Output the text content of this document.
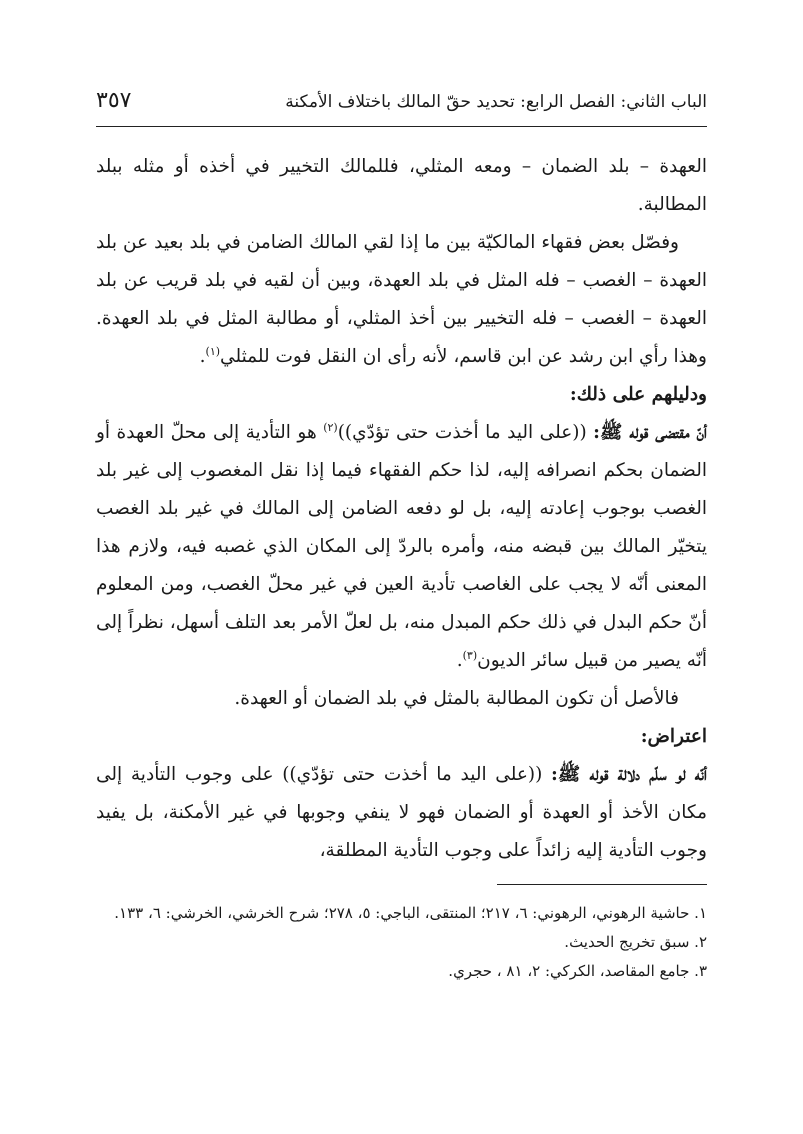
الباب الثاني: الفصل الرابع: تحديد حقّ المالك باختلاف الأمكنة
٣٥٧

العهدة – بلد الضمان – ومعه المثلي، فللمالك التخيير في أخذه أو مثله ببلد المطالبة.

وفصّل بعض فقهاء المالكيّة بين ما إذا لقي المالك الضامن في بلد بعيد عن بلد العهدة – الغصب – فله المثل في بلد العهدة، وبين أن لقيه في بلد قريب عن بلد العهدة – الغصب – فله التخيير بين أخذ المثلي، أو مطالبة المثل في بلد العهدة. وهذا رأي ابن رشد عن ابن قاسم، لأنه رأى ان النقل فوت للمثلي$^{(١)}$.

ودليلهم على ذلك:

أنّ مقتضى قوله ﷺ: ((على اليد ما أخذت حتى تؤدّي))$^{(٢)}$ هو التأدية إلى محلّ العهدة أو الضمان بحكم انصرافه إليه، لذا حكم الفقهاء فيما إذا نقل المغصوب إلى غير بلد الغصب بوجوب إعادته إليه، بل لو دفعه الضامن إلى المالك في غير بلد الغصب يتخيّر المالك بين قبضه منه، وأمره بالردّ إلى المكان الذي غصبه فيه، ولازم هذا المعنى أنّه لا يجب على الغاصب تأدية العين في غير محلّ الغصب، ومن المعلوم أنّ حكم البدل في ذلك حكم المبدل منه، بل لعلّ الأمر بعد التلف أسهل، نظراً إلى أنّه يصير من قبيل سائر الديون$^{(٣)}$.

فالأصل أن تكون المطالبة بالمثل في بلد الضمان أو العهدة.

اعتراض:

أنّه لو سلّم دلالة قوله ﷺ: ((على اليد ما أخذت حتى تؤدّي)) على وجوب التأدية إلى مكان الأخذ أو العهدة أو الضمان فهو لا ينفي وجوبها في غير الأمكنة، بل يفيد وجوب التأدية إليه زائداً على وجوب التأدية المطلقة،

١. حاشية الرهوني، الرهوني: ٦، ٢١٧؛ المنتقى، الباجي: ٥، ٢٧٨؛ شرح الخرشي، الخرشي: ٦، ١٣٣.

٢. سبق تخريج الحديث.

٣. جامع المقاصد، الكركي: ٢، ٨١ ، حجري.
